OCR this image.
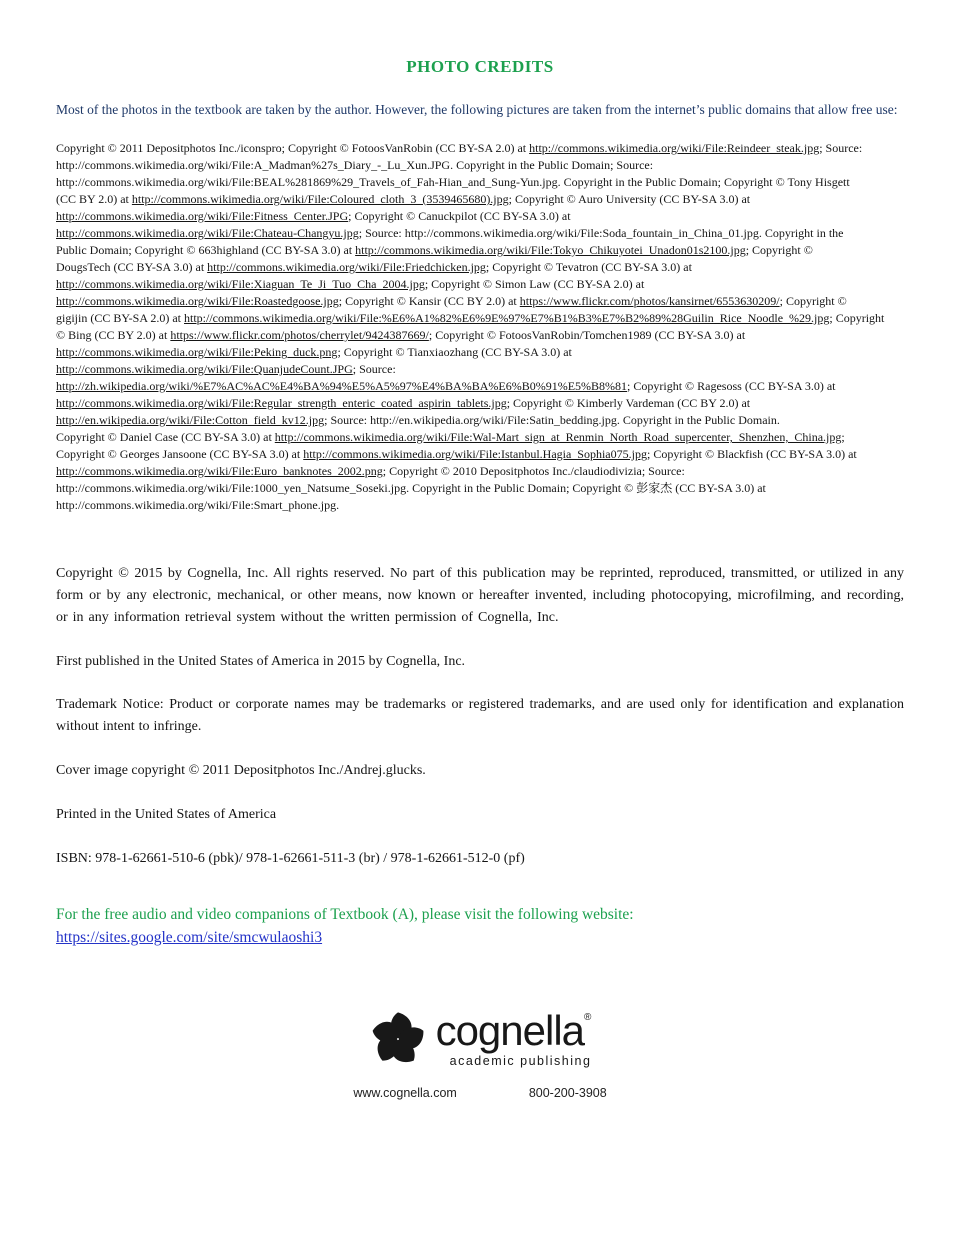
PHOTO CREDITS

Most of the photos in the textbook are taken by the author. However, the following pictures are taken from the internet’s public domains that allow free use:

Copyright © 2011 Depositphotos Inc./iconspro; Copyright © FotoosVanRobin (CC BY-SA 2.0) at http://commons.wikimedia.org/wiki/File:Reindeer_steak.jpg; Source:
http://commons.wikimedia.org/wiki/File:A_Madman%27s_Diary_-_Lu_Xun.JPG. Copyright in the Public Domain; Source:
http://commons.wikimedia.org/wiki/File:BEAL%281869%29_Travels_of_Fah-Hian_and_Sung-Yun.jpg. Copyright in the Public Domain; Copyright © Tony Hisgett
(CC BY 2.0) at http://commons.wikimedia.org/wiki/File:Coloured_cloth_3_(3539465680).jpg; Copyright © Auro University (CC BY-SA 3.0) at
http://commons.wikimedia.org/wiki/File:Fitness_Center.JPG; Copyright © Canuckpilot (CC BY-SA 3.0) at
http://commons.wikimedia.org/wiki/File:Chateau-Changyu.jpg; Source: http://commons.wikimedia.org/wiki/File:Soda_fountain_in_China_01.jpg. Copyright in the
Public Domain; Copyright © 663highland (CC BY-SA 3.0) at http://commons.wikimedia.org/wiki/File:Tokyo_Chikuyotei_Unadon01s2100.jpg; Copyright ©
DougsTech (CC BY-SA 3.0) at http://commons.wikimedia.org/wiki/File:Friedchicken.jpg; Copyright © Tevatron (CC BY-SA 3.0) at
http://commons.wikimedia.org/wiki/File:Xiaguan_Te_Ji_Tuo_Cha_2004.jpg; Copyright © Simon Law (CC BY-SA 2.0) at
http://commons.wikimedia.org/wiki/File:Roastedgoose.jpg; Copyright © Kansir (CC BY 2.0) at https://www.flickr.com/photos/kansirnet/6553630209/; Copyright ©
gigijin (CC BY-SA 2.0) at http://commons.wikimedia.org/wiki/File:%E6%A1%82%E6%9E%97%E7%B1%B3%E7%B2%89%28Guilin_Rice_Noodle_%29.jpg; Copyright
© Bing (CC BY 2.0) at https://www.flickr.com/photos/cherrylet/9424387669/; Copyright © FotoosVanRobin/Tomchen1989 (CC BY-SA 3.0) at
http://commons.wikimedia.org/wiki/File:Peking_duck.png; Copyright © Tianxiaozhang (CC BY-SA 3.0) at
http://commons.wikimedia.org/wiki/File:QuanjudeCount.JPG; Source:
http://zh.wikipedia.org/wiki/%E7%AC%AC%E4%BA%94%E5%A5%97%E4%BA%BA%E6%B0%91%E5%B8%81; Copyright © Ragesoss (CC BY-SA 3.0) at
http://commons.wikimedia.org/wiki/File:Regular_strength_enteric_coated_aspirin_tablets.jpg; Copyright © Kimberly Vardeman (CC BY 2.0) at
http://en.wikipedia.org/wiki/File:Cotton_field_kv12.jpg; Source: http://en.wikipedia.org/wiki/File:Satin_bedding.jpg. Copyright in the Public Domain.
Copyright © Daniel Case (CC BY-SA 3.0) at http://commons.wikimedia.org/wiki/File:Wal-Mart_sign_at_Renmin_North_Road_supercenter,_Shenzhen,_China.jpg;
Copyright © Georges Jansoone (CC BY-SA 3.0) at http://commons.wikimedia.org/wiki/File:Istanbul.Hagia_Sophia075.jpg; Copyright © Blackfish (CC BY-SA 3.0) at
http://commons.wikimedia.org/wiki/File:Euro_banknotes_2002.png; Copyright © 2010 Depositphotos Inc./claudiodivizia; Source:
http://commons.wikimedia.org/wiki/File:1000_yen_Natsume_Soseki.jpg. Copyright in the Public Domain; Copyright © 彭家杰 (CC BY-SA 3.0) at
http://commons.wikimedia.org/wiki/File:Smart_phone.jpg.

Copyright © 2015 by Cognella, Inc. All rights reserved. No part of this publication may be reprinted, reproduced, transmitted, or utilized in any form or by any electronic, mechanical, or other means, now known or hereafter invented, including photocopying, microfilming, and recording, or in any information retrieval system without the written permission of Cognella, Inc.

First published in the United States of America in 2015 by Cognella, Inc.

Trademark Notice: Product or corporate names may be trademarks or registered trademarks, and are used only for identification and explanation without intent to infringe.

Cover image copyright © 2011 Depositphotos Inc./Andrej.glucks.

Printed in the United States of America

ISBN: 978-1-62661-510-6 (pbk)/ 978-1-62661-511-3 (br) / 978-1-62661-512-0 (pf)

For the free audio and video companions of Textbook (A), please visit the following website:
https://sites.google.com/site/smcwulaoshi3
cognella ®
academic publishing
www.cognella.com	800-200-3908
